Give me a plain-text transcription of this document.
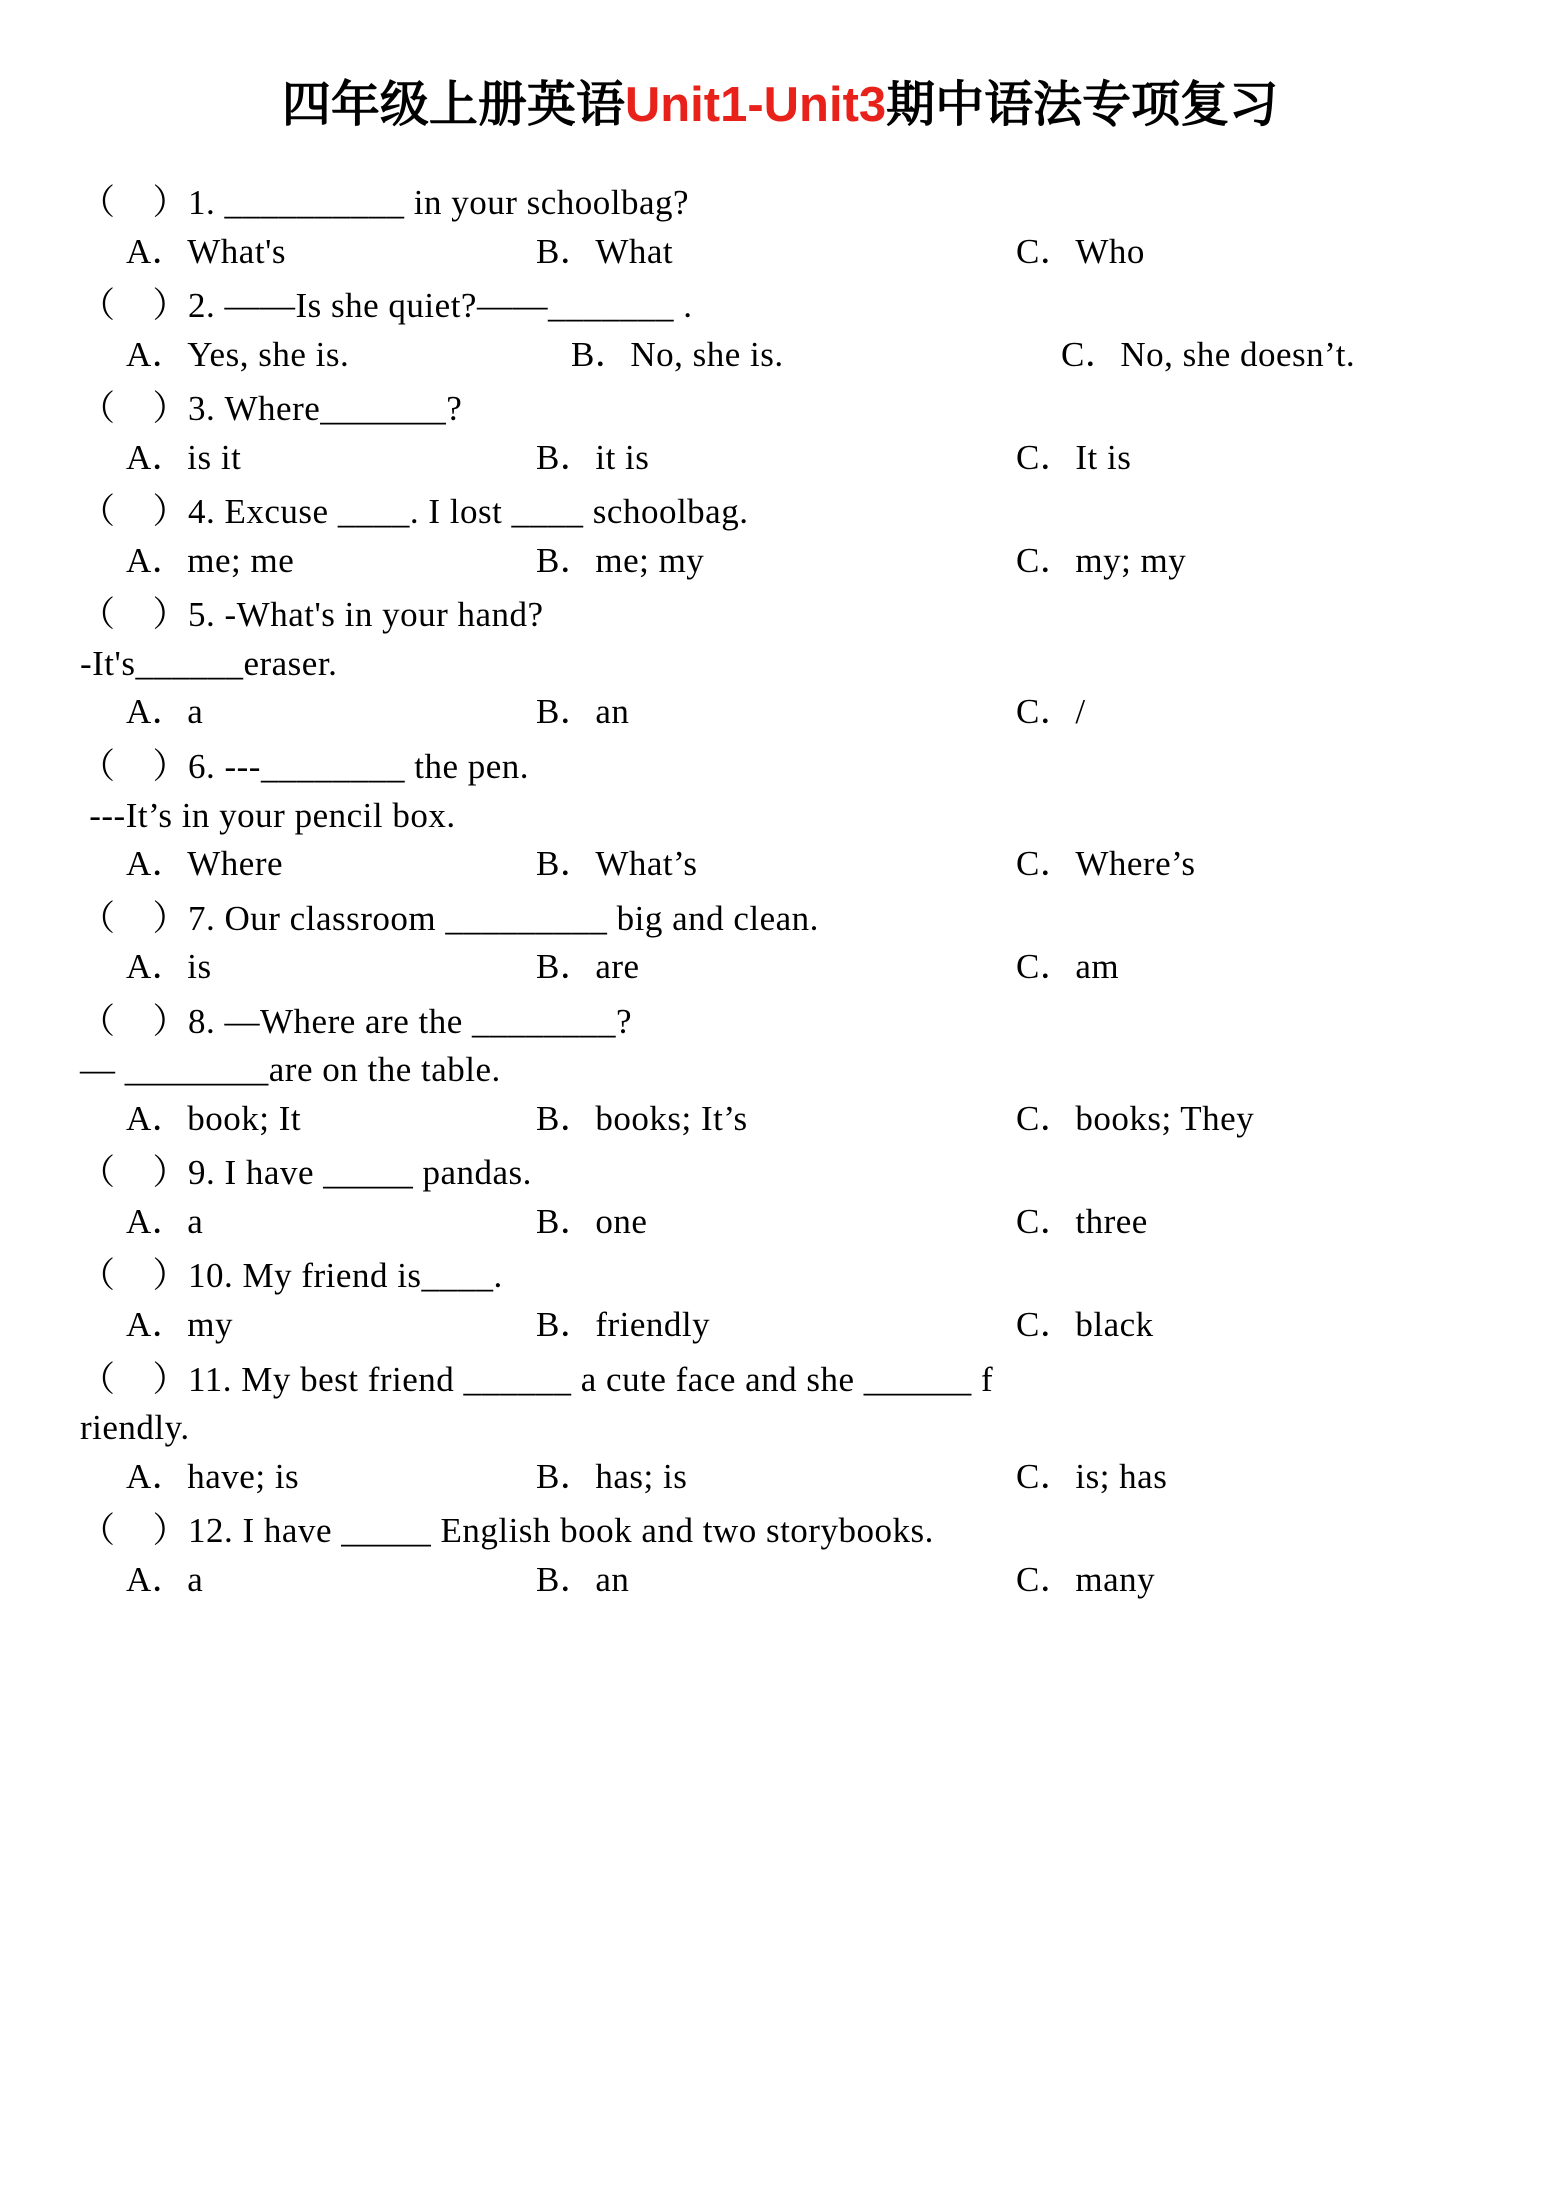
四年级上册英语Unit1-Unit3期中语法专项复习
（    ）1. __________ in your schoolbag?
A．What's	B．What	C．Who
（    ）2. ——Is she quiet?——_______ .
A．Yes, she is.	B．No, she is.	C．No, she doesn’t.
（    ）3. Where_______?
A．is it	B．it is	C．It is
（    ）4. Excuse ____. I lost ____ schoolbag.
A．me; me	B．me; my	C．my; my
（    ）5. -What's in your hand?
-It's______eraser.
A．a	B．an	C．/
（    ）6. ---________ the pen.
---It’s in your pencil box.
A．Where	B．What’s	C．Where’s
（    ）7. Our classroom _________ big and clean.
A．is	B．are	C．am
（    ）8. —Where are the ________?
— ________are on the table.
A．book; It	B．books; It’s	C．books; They
（    ）9. I have _____ pandas.
A．a	B．one	C．three
（    ）10. My friend is____.
A．my	B．friendly	C．black
（    ）11. My best friend ______ a cute face and she ______ f
riendly.
A．have; is	B．has; is	C．is; has
（    ）12. I have _____ English book and two storybooks.
A．a	B．an	C．many
